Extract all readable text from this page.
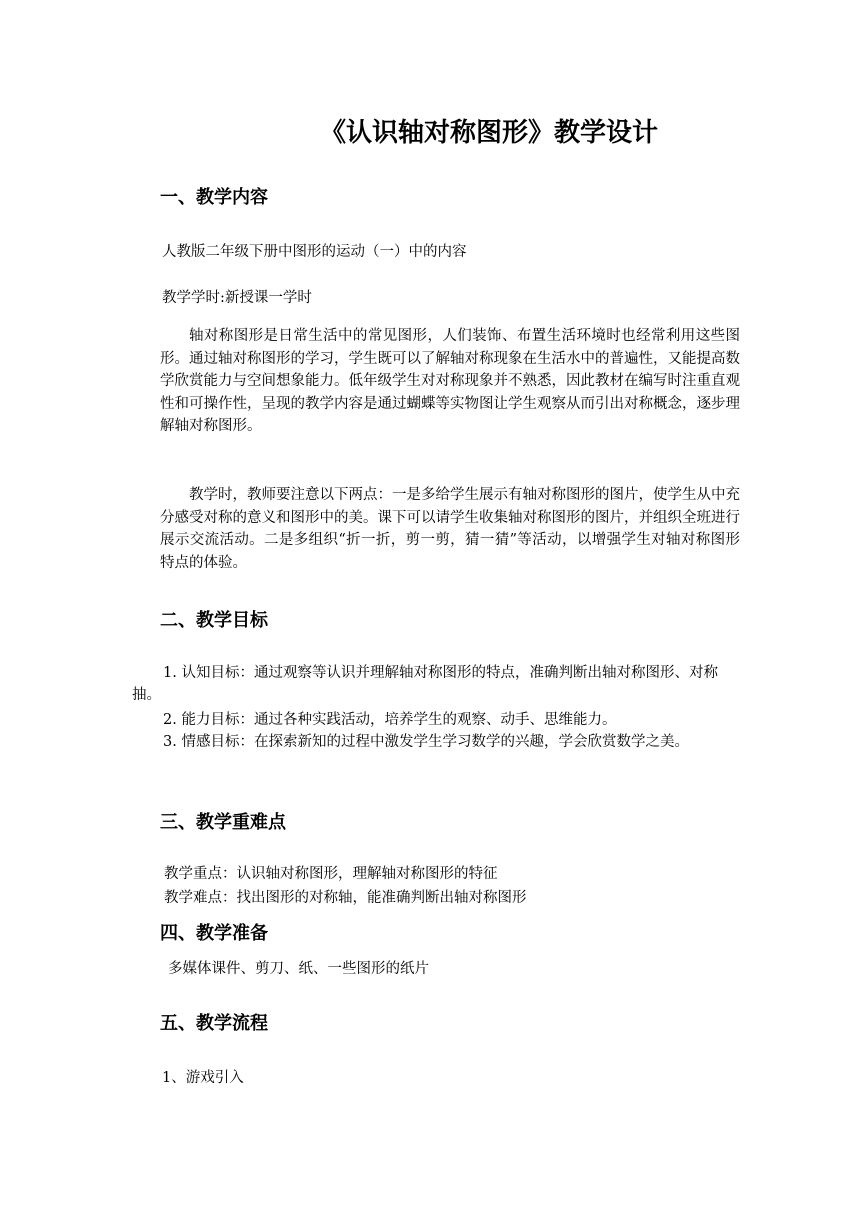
《认识轴对称图形》教学设计
一、教学内容
人教版二年级下册中图形的运动（一）中的内容
教学学时:新授课一学时
轴对称图形是日常生活中的常见图形，人们装饰、布置生活环境时也经常利用这些图形。通过轴对称图形的学习，学生既可以了解轴对称现象在生活水中的普遍性，又能提高数学欣赏能力与空间想象能力。低年级学生对对称现象并不熟悉，因此教材在编写时注重直观性和可操作性，呈现的教学内容是通过蝴蝶等实物图让学生观察从而引出对称概念，逐步理解轴对称图形。
教学时，教师要注意以下两点：一是多给学生展示有轴对称图形的图片，使学生从中充分感受对称的意义和图形中的美。课下可以请学生收集轴对称图形的图片，并组织全班进行展示交流活动。二是多组织“折一折，剪一剪，猜一猜”等活动，以增强学生对轴对称图形特点的体验。
二、教学目标
1. 认知目标：通过观察等认识并理解轴对称图形的特点，准确判断出轴对称图形、对称抽。
2. 能力目标：通过各种实践活动，培养学生的观察、动手、思维能力。
3. 情感目标：在探索新知的过程中激发学生学习数学的兴趣，学会欣赏数学之美。
三、教学重难点
教学重点：认识轴对称图形，理解轴对称图形的特征
教学难点：找出图形的对称轴，能准确判断出轴对称图形
四、教学准备
多媒体课件、剪刀、纸、一些图形的纸片
五、教学流程
1、游戏引入
